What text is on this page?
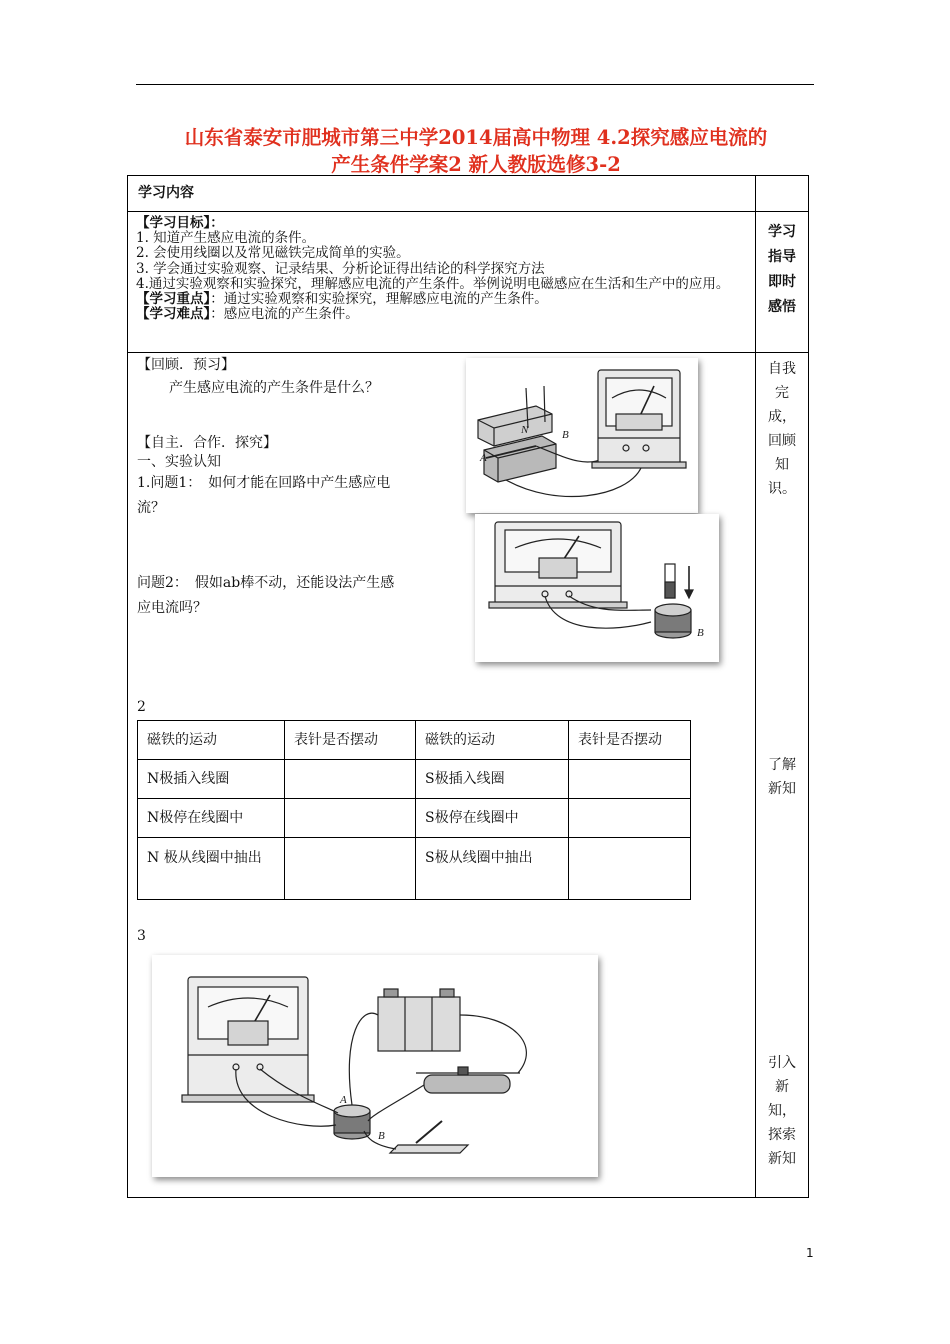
山东省泰安市肥城市第三中学2014届高中物理 4.2探究感应电流的
产生条件学案2 新人教版选修3-2
学习内容	

【学习目标】：
1. 知道产生感应电流的条件。
2. 会使用线圈以及常见磁铁完成简单的实验。
3. 学会通过实验观察、记录结果、分析论证得出结论的科学探究方法
4.通过实验观察和实验探究，理解感应电流的产生条件。举例说明电磁感应在生活和生产中的应用。
【学习重点】：通过实验观察和实验探究，理解感应电流的产生条件。
【学习难点】：感应电流的产生条件。

学习
指导
即时
感悟

【回顾．预习】
产生感应电流的产生条件是什么？
【自主．合作．探究】
一、实验认知
1.问题1：　如何才能在回路中产生感应电
流？
问题2：　假如ab棒不动，还能设法产生感
应电流吗？
N
A
B
B
2
磁铁的运动	表针是否摆动	磁铁的运动	表针是否摆动
N极插入线圈		S极插入线圈	
N极停在线圈中		S极停在线圈中	
N 极从线圈中抽出		S极从线圈中抽出	
3
A
B

自我
完
成，
回顾
知
识。
了解
新知
引入
新
知，
探索
新知
1
